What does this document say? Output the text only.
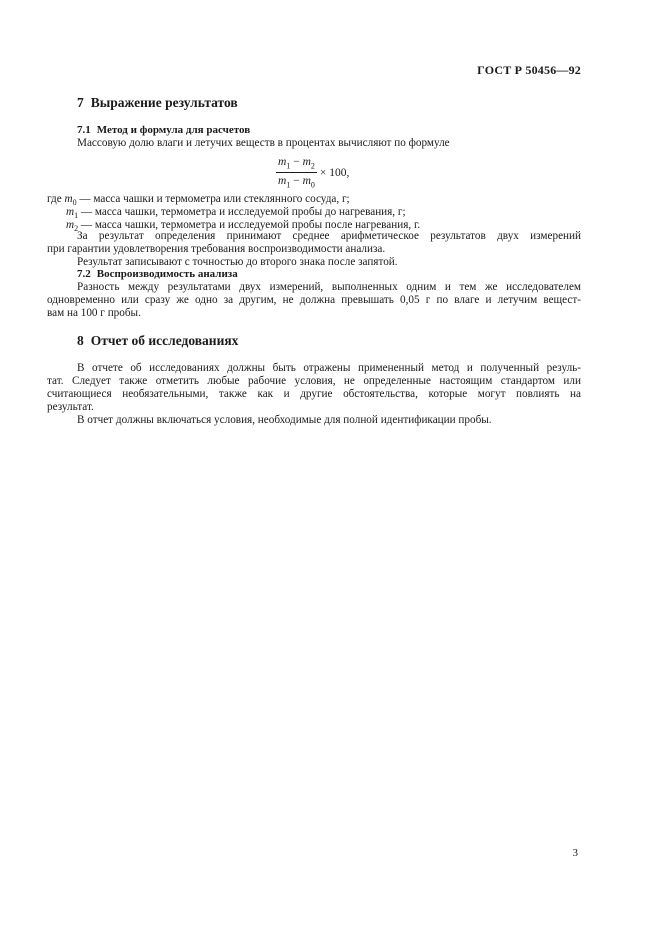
ГОСТ Р 50456—92
7 Выражение результатов
7.1 Метод и формула для расчетов
Массовую долю влаги и летучих веществ в процентах вычисляют по формуле
$\frac{m_1 - m_2}{m_1 - m_0} \times 100$,
где $m_0$ — масса чашки и термометра или стеклянного сосуда, г;
$m_1$ — масса чашки, термометра и исследуемой пробы до нагревания, г;
$m_2$ — масса чашки, термометра и исследуемой пробы после нагревания, г.
За результат определения принимают среднее арифметическое результатов двух измерений
при гарантии удовлетворения требования воспроизводимости анализа.
Результат записывают с точностью до второго знака после запятой.
7.2 Воспроизводимость анализа
Разность между результатами двух измерений, выполненных одним и тем же исследователем
одновременно или сразу же одно за другим, не должна превышать 0,05 г по влаге и летучим вещест-
вам на 100 г пробы.
8 Отчет об исследованиях
В отчете об исследованиях должны быть отражены примененный метод и полученный резуль-
тат. Следует также отметить любые рабочие условия, не определенные настоящим стандартом или
считающиеся необязательными, также как и другие обстоятельства, которые могут повлиять на
результат.
В отчет должны включаться условия, необходимые для полной идентификации пробы.
3
